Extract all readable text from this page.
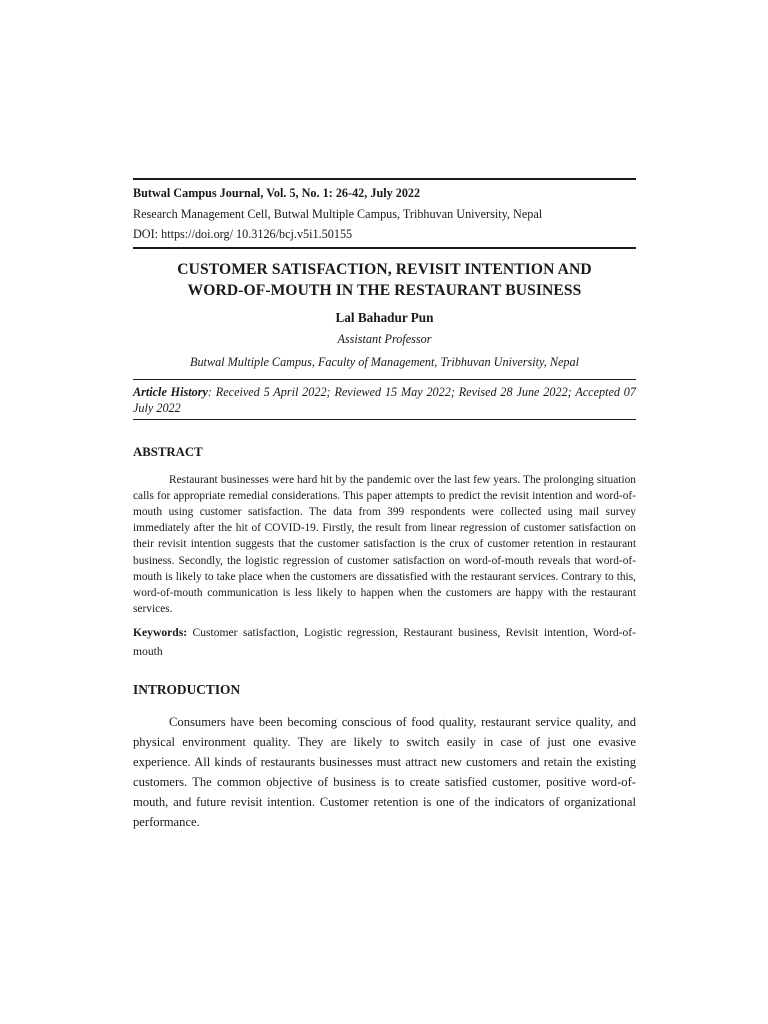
Butwal Campus Journal, Vol. 5, No. 1: 26-42, July 2022
Research Management Cell, Butwal Multiple Campus, Tribhuvan University, Nepal
DOI: https://doi.org/ 10.3126/bcj.v5i1.50155
CUSTOMER SATISFACTION, REVISIT INTENTION AND
WORD-OF-MOUTH IN THE RESTAURANT BUSINESS
Lal Bahadur Pun
Assistant Professor
Butwal Multiple Campus, Faculty of Management, Tribhuvan University, Nepal
Article History: Received 5 April 2022; Reviewed 15 May 2022; Revised 28 June 2022; Accepted 07 July 2022
ABSTRACT
Restaurant businesses were hard hit by the pandemic over the last few years. The prolonging situation calls for appropriate remedial considerations. This paper attempts to predict the revisit intention and word-of-mouth using customer satisfaction. The data from 399 respondents were collected using mail survey immediately after the hit of COVID-19. Firstly, the result from linear regression of customer satisfaction on their revisit intention suggests that the customer satisfaction is the crux of customer retention in restaurant business. Secondly, the logistic regression of customer satisfaction on word-of-mouth reveals that word-of-mouth is likely to take place when the customers are dissatisfied with the restaurant services. Contrary to this, word-of-mouth communication is less likely to happen when the customers are happy with the restaurant services.
Keywords: Customer satisfaction, Logistic regression, Restaurant business, Revisit intention, Word-of-mouth
INTRODUCTION
Consumers have been becoming conscious of food quality, restaurant service quality, and physical environment quality. They are likely to switch easily in case of just one evasive experience. All kinds of restaurants businesses must attract new customers and retain the existing customers. The common objective of business is to create satisfied customer, positive word-of-mouth, and future revisit intention. Customer retention is one of the indicators of organizational performance.
